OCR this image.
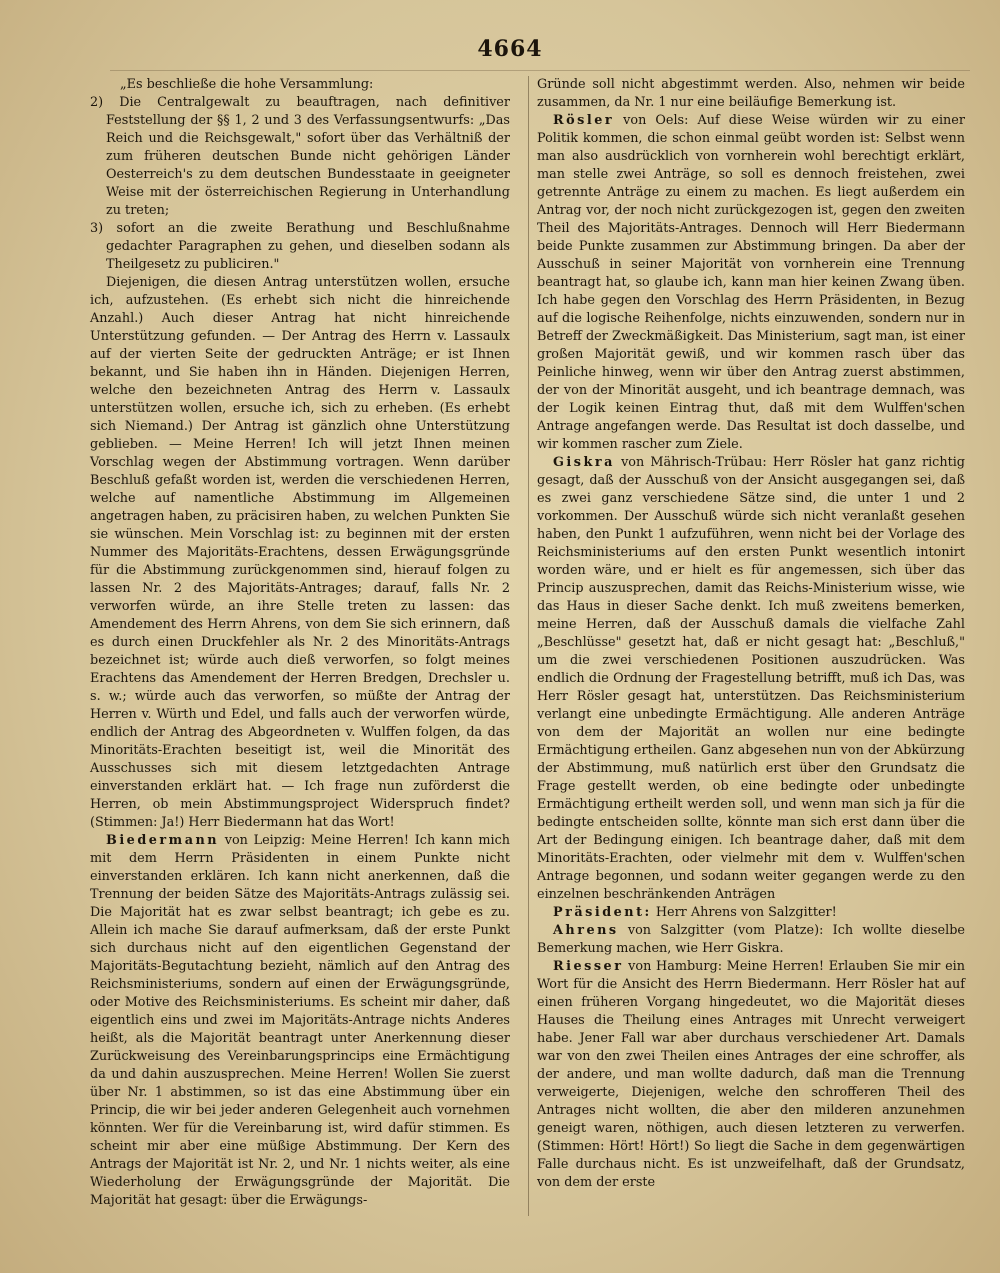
4664

„Es beschließe die hohe Versammlung:

2) Die Centralgewalt zu beauftragen, nach definitiver Feststellung der §§ 1, 2 und 3 des Verfassungsentwurfs: „Das Reich und die Reichsgewalt," sofort über das Verhältniß der zum früheren deutschen Bunde nicht gehörigen Länder Oesterreich's zu dem deutschen Bundesstaate in geeigneter Weise mit der österreichischen Regierung in Unterhandlung zu treten;

3) sofort an die zweite Berathung und Beschlußnahme gedachter Paragraphen zu gehen, und dieselben sodann als Theilgesetz zu publiciren."

Diejenigen, die diesen Antrag unterstützen wollen, ersuche ich, aufzustehen. (Es erhebt sich nicht die hinreichende Anzahl.) Auch dieser Antrag hat nicht hinreichende Unterstützung gefunden. — Der Antrag des Herrn v. Lassaulx auf der vierten Seite der gedruckten Anträge; er ist Ihnen bekannt, und Sie haben ihn in Händen. Diejenigen Herren, welche den bezeichneten Antrag des Herrn v. Lassaulx unterstützen wollen, ersuche ich, sich zu erheben. (Es erhebt sich Niemand.) Der Antrag ist gänzlich ohne Unterstützung geblieben. — Meine Herren! Ich will jetzt Ihnen meinen Vorschlag wegen der Abstimmung vortragen. Wenn darüber Beschluß gefaßt worden ist, werden die verschiedenen Herren, welche auf namentliche Abstimmung im Allgemeinen angetragen haben, zu präcisiren haben, zu welchen Punkten Sie sie wünschen. Mein Vorschlag ist: zu beginnen mit der ersten Nummer des Majoritäts-Erachtens, dessen Erwägungsgründe für die Abstimmung zurückgenommen sind, hierauf folgen zu lassen Nr. 2 des Majoritäts-Antrages; darauf, falls Nr. 2 verworfen würde, an ihre Stelle treten zu lassen: das Amendement des Herrn Ahrens, von dem Sie sich erinnern, daß es durch einen Druckfehler als Nr. 2 des Minoritäts-Antrags bezeichnet ist; würde auch dieß verworfen, so folgt meines Erachtens das Amendement der Herren Bredgen, Drechsler u. s. w.; würde auch das verworfen, so müßte der Antrag der Herren v. Würth und Edel, und falls auch der verworfen würde, endlich der Antrag des Abgeordneten v. Wulffen folgen, da das Minoritäts-Erachten beseitigt ist, weil die Minorität des Ausschusses sich mit diesem letztgedachten Antrage einverstanden erklärt hat. — Ich frage nun zuförderst die Herren, ob mein Abstimmungsproject Widerspruch findet? (Stimmen: Ja!) Herr Biedermann hat das Wort!

Biedermann von Leipzig: Meine Herren! Ich kann mich mit dem Herrn Präsidenten in einem Punkte nicht einverstanden erklären. Ich kann nicht anerkennen, daß die Trennung der beiden Sätze des Majoritäts-Antrags zulässig sei. Die Majorität hat es zwar selbst beantragt; ich gebe es zu. Allein ich mache Sie darauf aufmerksam, daß der erste Punkt sich durchaus nicht auf den eigentlichen Gegenstand der Majoritäts-Begutachtung bezieht, nämlich auf den Antrag des Reichsministeriums, sondern auf einen der Erwägungsgründe, oder Motive des Reichsministeriums. Es scheint mir daher, daß eigentlich eins und zwei im Majoritäts-Antrage nichts Anderes heißt, als die Majorität beantragt unter Anerkennung dieser Zurückweisung des Vereinbarungsprincips eine Ermächtigung da und dahin auszusprechen. Meine Herren! Wollen Sie zuerst über Nr. 1 abstimmen, so ist das eine Abstimmung über ein Princip, die wir bei jeder anderen Gelegenheit auch vornehmen könnten. Wer für die Vereinbarung ist, wird dafür stimmen. Es scheint mir aber eine müßige Abstimmung. Der Kern des Antrags der Majorität ist Nr. 2, und Nr. 1 nichts weiter, als eine Wiederholung der Erwägungsgründe der Majorität. Die Majorität hat gesagt: über die Erwägungs-

Gründe soll nicht abgestimmt werden. Also, nehmen wir beide zusammen, da Nr. 1 nur eine beiläufige Bemerkung ist.

Rösler von Oels: Auf diese Weise würden wir zu einer Politik kommen, die schon einmal geübt worden ist: Selbst wenn man also ausdrücklich von vornherein wohl berechtigt erklärt, man stelle zwei Anträge, so soll es dennoch freistehen, zwei getrennte Anträge zu einem zu machen. Es liegt außerdem ein Antrag vor, der noch nicht zurückgezogen ist, gegen den zweiten Theil des Majoritäts-Antrages. Dennoch will Herr Biedermann beide Punkte zusammen zur Abstimmung bringen. Da aber der Ausschuß in seiner Majorität von vornherein eine Trennung beantragt hat, so glaube ich, kann man hier keinen Zwang üben. Ich habe gegen den Vorschlag des Herrn Präsidenten, in Bezug auf die logische Reihenfolge, nichts einzuwenden, sondern nur in Betreff der Zweckmäßigkeit. Das Ministerium, sagt man, ist einer großen Majorität gewiß, und wir kommen rasch über das Peinliche hinweg, wenn wir über den Antrag zuerst abstimmen, der von der Minorität ausgeht, und ich beantrage demnach, was der Logik keinen Eintrag thut, daß mit dem Wulffen'schen Antrage angefangen werde. Das Resultat ist doch dasselbe, und wir kommen rascher zum Ziele.

Giskra von Mährisch-Trübau: Herr Rösler hat ganz richtig gesagt, daß der Ausschuß von der Ansicht ausgegangen sei, daß es zwei ganz verschiedene Sätze sind, die unter 1 und 2 vorkommen. Der Ausschuß würde sich nicht veranlaßt gesehen haben, den Punkt 1 aufzuführen, wenn nicht bei der Vorlage des Reichsministeriums auf den ersten Punkt wesentlich intonirt worden wäre, und er hielt es für angemessen, sich über das Princip auszusprechen, damit das Reichs-Ministerium wisse, wie das Haus in dieser Sache denkt. Ich muß zweitens bemerken, meine Herren, daß der Ausschuß damals die vielfache Zahl „Beschlüsse" gesetzt hat, daß er nicht gesagt hat: „Beschluß," um die zwei verschiedenen Positionen auszudrücken. Was endlich die Ordnung der Fragestellung betrifft, muß ich Das, was Herr Rösler gesagt hat, unterstützen. Das Reichsministerium verlangt eine unbedingte Ermächtigung. Alle anderen Anträge von dem der Majorität an wollen nur eine bedingte Ermächtigung ertheilen. Ganz abgesehen nun von der Abkürzung der Abstimmung, muß natürlich erst über den Grundsatz die Frage gestellt werden, ob eine bedingte oder unbedingte Ermächtigung ertheilt werden soll, und wenn man sich ja für die bedingte entscheiden sollte, könnte man sich erst dann über die Art der Bedingung einigen. Ich beantrage daher, daß mit dem Minoritäts-Erachten, oder vielmehr mit dem v. Wulffen'schen Antrage begonnen, und sodann weiter gegangen werde zu den einzelnen beschränkenden Anträgen

Präsident: Herr Ahrens von Salzgitter!

Ahrens von Salzgitter (vom Platze): Ich wollte dieselbe Bemerkung machen, wie Herr Giskra.

Riesser von Hamburg: Meine Herren! Erlauben Sie mir ein Wort für die Ansicht des Herrn Biedermann. Herr Rösler hat auf einen früheren Vorgang hingedeutet, wo die Majorität dieses Hauses die Theilung eines Antrages mit Unrecht verweigert habe. Jener Fall war aber durchaus verschiedener Art. Damals war von den zwei Theilen eines Antrages der eine schroffer, als der andere, und man wollte dadurch, daß man die Trennung verweigerte, Diejenigen, welche den schrofferen Theil des Antrages nicht wollten, die aber den milderen anzunehmen geneigt waren, nöthigen, auch diesen letzteren zu verwerfen. (Stimmen: Hört! Hört!) So liegt die Sache in dem gegenwärtigen Falle durchaus nicht. Es ist unzweifelhaft, daß der Grundsatz, von dem der erste
